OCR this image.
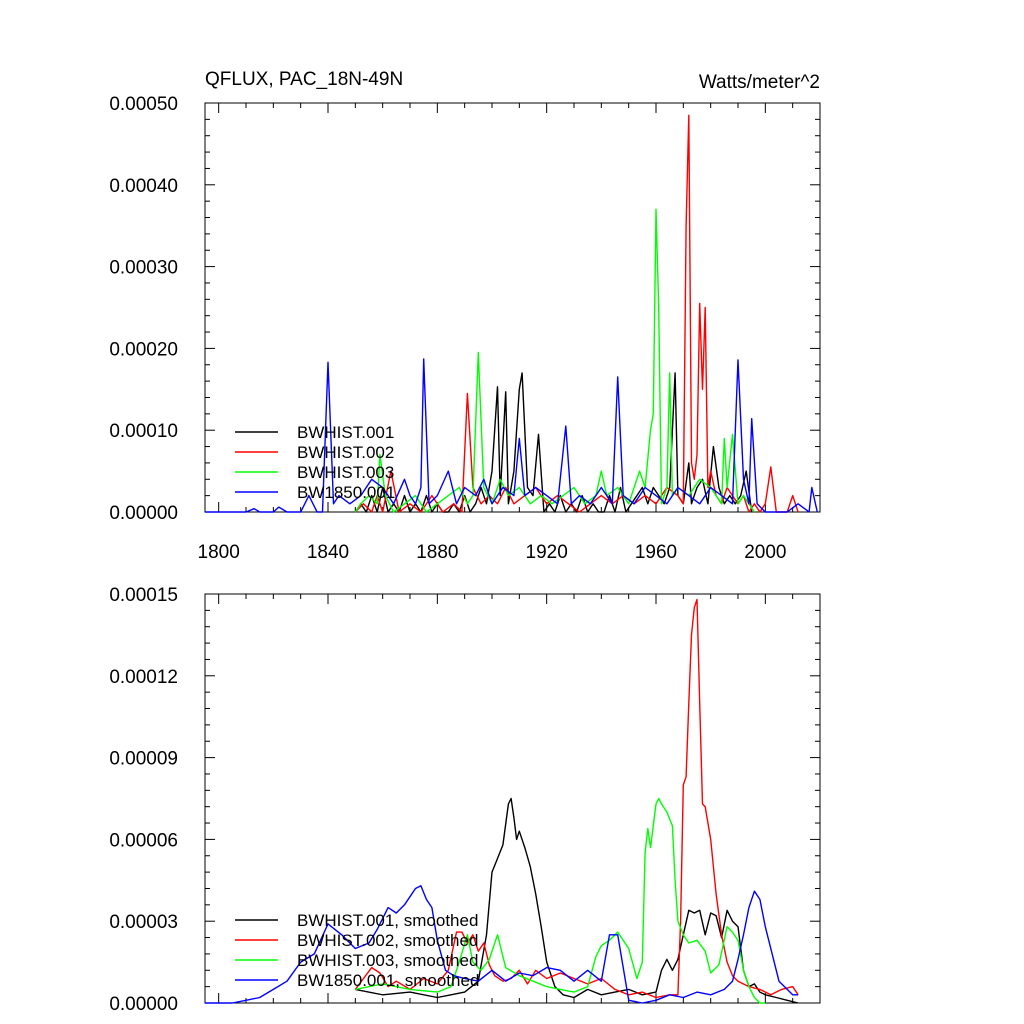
QFLUX, PAC_18N-49N	Watts/meter^2
0.00000
0.00010
0.00020
0.00030
0.00040
0.00050
1800	1840	1880	1920	1960	2000
BWHIST.001
BWHIST.002
BWHIST.003
BW1850.001
0.00000
0.00003
0.00006
0.00009
0.00012
0.00015
BWHIST.001, smoothed
BWHIST.002, smoothed
BWHIST.003, smoothed
BW1850.001, smoothed
